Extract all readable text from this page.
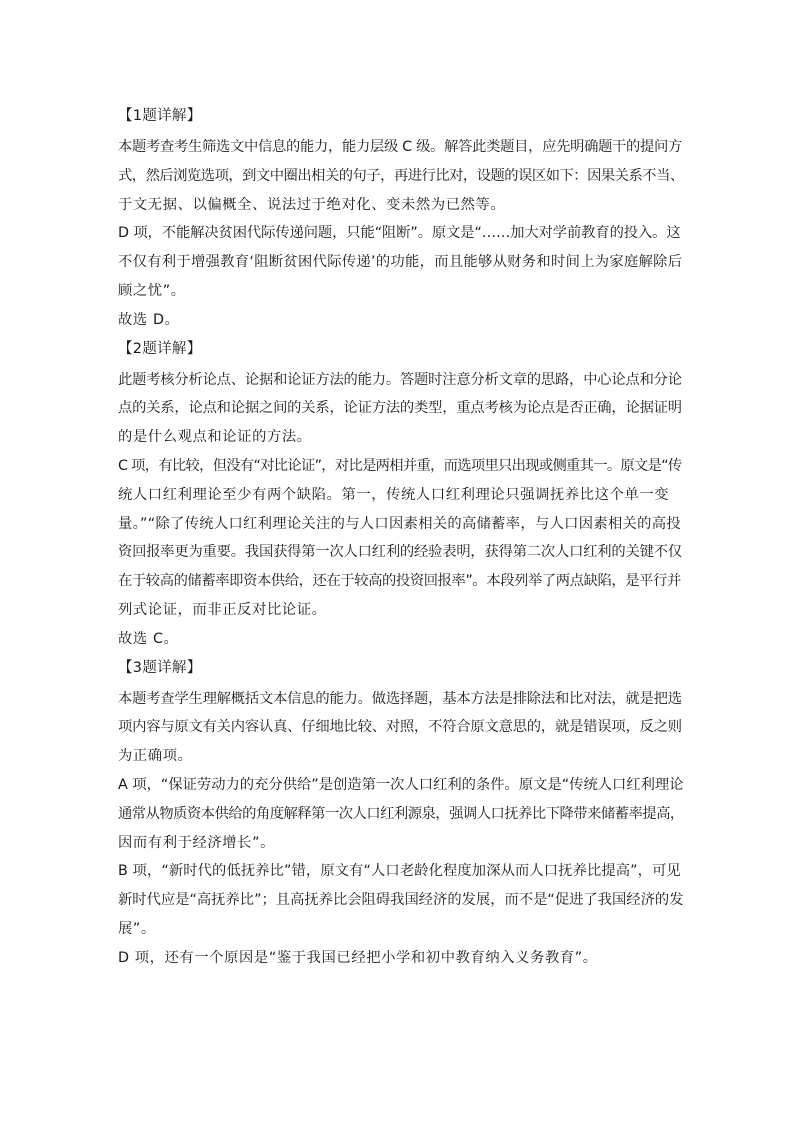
【1题详解】

本题考查考生筛选文中信息的能力，能力层级 C 级。解答此类题目，应先明确题干的提问方
式，然后浏览选项，到文中圈出相关的句子，再进行比对，设题的误区如下：因果关系不当、
于文无据、以偏概全、说法过于绝对化、变未然为已然等。

D 项，不能解决贫困代际传递问题，只能“阻断”。原文是“……加大对学前教育的投入。这
不仅有利于增强教育‘阻断贫困代际传递’的功能，而且能够从财务和时间上为家庭解除后
顾之忧”。

故选 D。

【2题详解】

此题考核分析论点、论据和论证方法的能力。答题时注意分析文章的思路，中心论点和分论
点的关系，论点和论据之间的关系，论证方法的类型，重点考核为论点是否正确，论据证明
的是什么观点和论证的方法。

C 项，有比较，但没有“对比论证”，对比是两相并重，而选项里只出现或侧重其一。原文是“传
统人口红利理论至少有两个缺陷。第一，传统人口红利理论只强调抚养比这个单一变
量。”“除了传统人口红利理论关注的与人口因素相关的高储蓄率，与人口因素相关的高投
资回报率更为重要。我国获得第一次人口红利的经验表明，获得第二次人口红利的关键不仅
在于较高的储蓄率即资本供给，还在于较高的投资回报率”。本段列举了两点缺陷，是平行并
列式论证，而非正反对比论证。

故选 C。

【3题详解】

本题考查学生理解概括文本信息的能力。做选择题，基本方法是排除法和比对法，就是把选
项内容与原文有关内容认真、仔细地比较、对照，不符合原文意思的，就是错误项，反之则
为正确项。

A 项，“保证劳动力的充分供给”是创造第一次人口红利的条件。原文是“传统人口红利理论
通常从物质资本供给的角度解释第一次人口红利源泉，强调人口抚养比下降带来储蓄率提高，
因而有利于经济增长”。

B 项，“新时代的低抚养比”错，原文有“人口老龄化程度加深从而人口抚养比提高”，可见
新时代应是“高抚养比”；且高抚养比会阻碍我国经济的发展，而不是“促进了我国经济的发
展”。

D 项，还有一个原因是“鉴于我国已经把小学和初中教育纳入义务教育”。
